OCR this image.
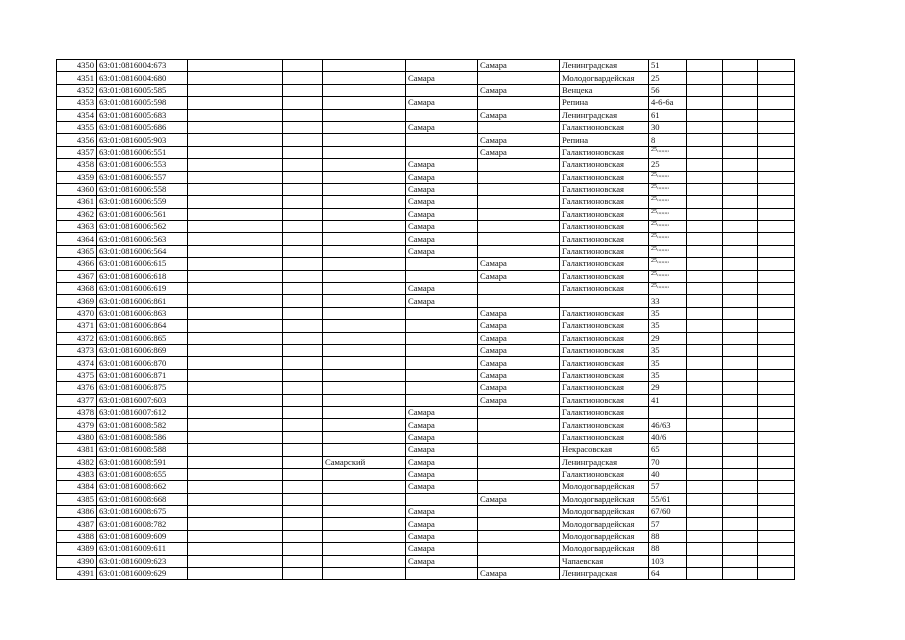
4350	63:01:0816004:673					Самара	Ленинградская	51			
4351	63:01:0816004:680				Самара		Молодогвардейская	25			
4352	63:01:0816005:585					Самара	Венцека	56			
4353	63:01:0816005:598				Самара		Репина	4-6-6а			
4354	63:01:0816005:683					Самара	Ленинградская	61			
4355	63:01:0816005:686				Самара		Галактионовская	30			
4356	63:01:0816005:903					Самара	Репина	8			
4357	63:01:0816006:551					Самара	Галактионовская	25,,,,,,,,			
4358	63:01:0816006:553				Самара		Галактионовская	25			
4359	63:01:0816006:557				Самара		Галактионовская	25,,,,,,,,			
4360	63:01:0816006:558				Самара		Галактионовская	25,,,,,,,,			
4361	63:01:0816006:559				Самара		Галактионовская	25,,,,,,,,			
4362	63:01:0816006:561				Самара		Галактионовская	25,,,,,,,,			
4363	63:01:0816006:562				Самара		Галактионовская	25,,,,,,,,			
4364	63:01:0816006:563				Самара		Галактионовская	25,,,,,,,,			
4365	63:01:0816006:564				Самара		Галактионовская	25,,,,,,,,			
4366	63:01:0816006:615					Самара	Галактионовская	25,,,,,,,,			
4367	63:01:0816006:618					Самара	Галактионовская	25,,,,,,,,			
4368	63:01:0816006:619				Самара		Галактионовская	25,,,,,,,,			
4369	63:01:0816006:861				Самара			33			
4370	63:01:0816006:863					Самара	Галактионовская	35			
4371	63:01:0816006:864					Самара	Галактионовская	35			
4372	63:01:0816006:865					Самара	Галактионовская	29			
4373	63:01:0816006:869					Самара	Галактионовская	35			
4374	63:01:0816006:870					Самара	Галактионовская	35			
4375	63:01:0816006:871					Самара	Галактионовская	35			
4376	63:01:0816006:875					Самара	Галактионовская	29			
4377	63:01:0816007:603					Самара	Галактионовская	41			
4378	63:01:0816007:612				Самара		Галактионовская				
4379	63:01:0816008:582				Самара		Галактионовская	46/63			
4380	63:01:0816008:586				Самара		Галактионовская	40/6			
4381	63:01:0816008:588				Самара		Некрасовская	65			
4382	63:01:0816008:591			Самарский	Самара		Ленинградская	70			
4383	63:01:0816008:655				Самара		Галактионовская	40			
4384	63:01:0816008:662				Самара		Молодогвардейская	57			
4385	63:01:0816008:668					Самара	Молодогвардейская	55/61			
4386	63:01:0816008:675				Самара		Молодогвардейская	67/60			
4387	63:01:0816008:782				Самара		Молодогвардейская	57			
4388	63:01:0816009:609				Самара		Молодогвардейская	88			
4389	63:01:0816009:611				Самара		Молодогвардейская	88			
4390	63:01:0816009:623				Самара		Чапаевская	103			
4391	63:01:0816009:629					Самара	Ленинградская	64			
